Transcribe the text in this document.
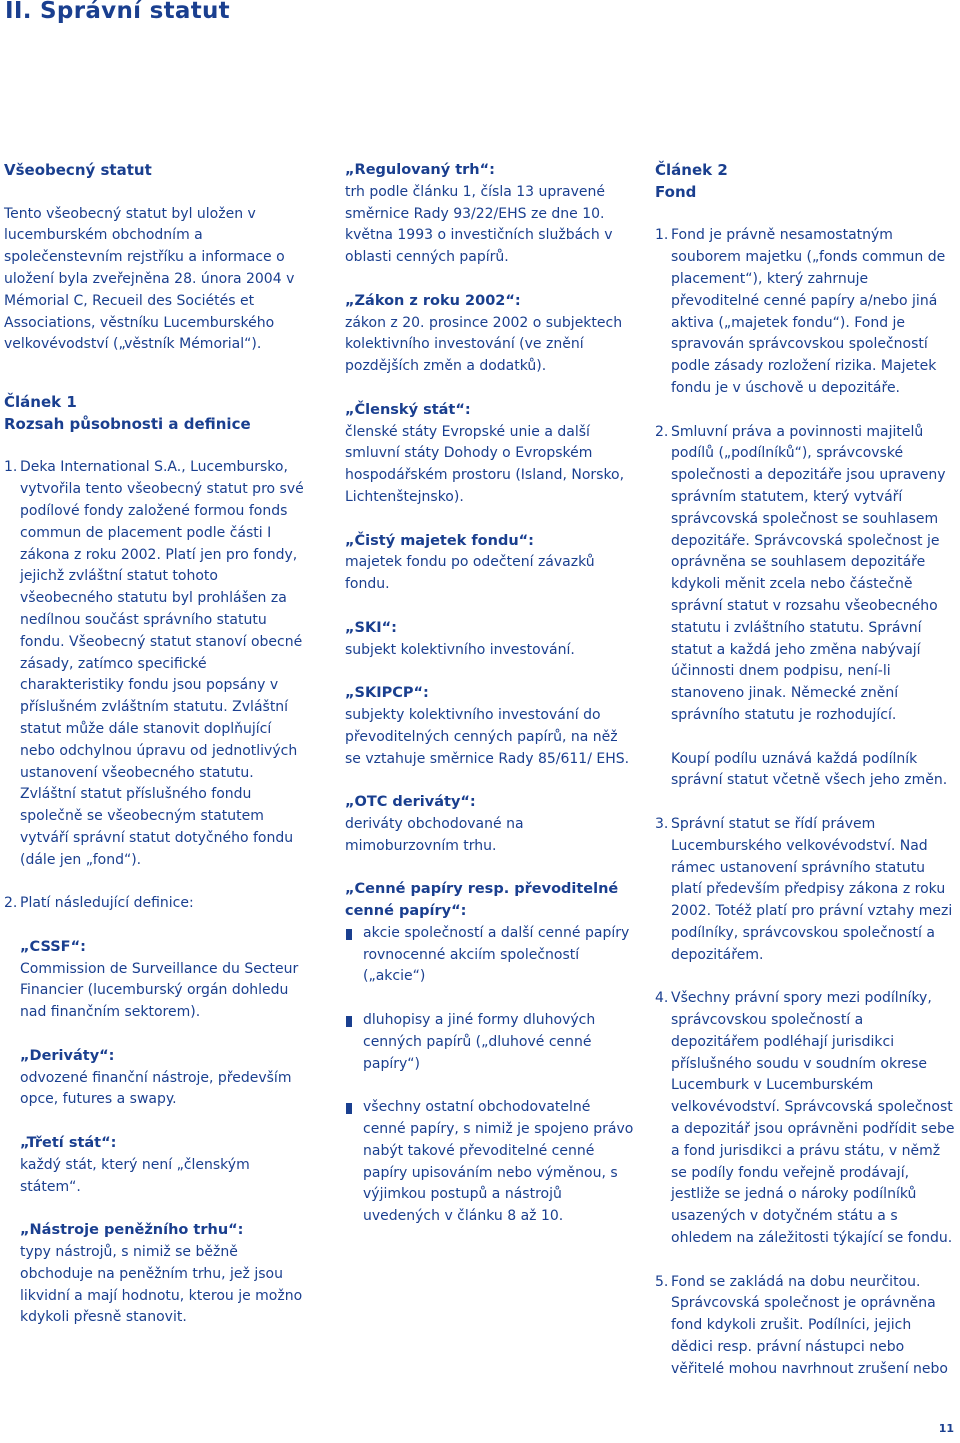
II. Správní statut

Všeobecný statut

Tento všeobecný statut byl uložen v lucemburském obchodním a společenstevním rejstříku a informace o uložení byla zveřejněna 28. února 2004 v Mémorial C, Recueil des Sociétés et Associations, věstníku Lucemburského velkovévodství („věstník Mémorial“).

Článek 1

Rozsah působnosti a definice

1. Deka International S.A., Lucembursko, vytvořila tento všeobecný statut pro své podílové fondy založené formou fonds commun de placement podle části I zákona z roku 2002. Platí jen pro fondy, jejichž zvláštní statut tohoto všeobecného statutu byl prohlášen za nedílnou součást správního statutu fondu. Všeobecný statut stanoví obecné zásady, zatímco specifické charakteristiky fondu jsou popsány v příslušném zvláštním statutu. Zvláštní statut může dále stanovit doplňující nebo odchylnou úpravu od jednotlivých ustanovení všeobecného statutu. Zvláštní statut příslušného fondu společně se všeobecným statutem vytváří správní statut dotyčného fondu (dále jen „fond“).
2. Platí následující definice:

„CSSF“:

Commission de Surveillance du Secteur Financier (lucemburský orgán dohledu nad finančním sektorem).

„Deriváty“:

odvozené finanční nástroje, především opce, futures a swapy.

„Třetí stát“:

každý stát, který není „členským státem“.

„Nástroje peněžního trhu“:

typy nástrojů, s nimiž se běžně obchoduje na peněžním trhu, jež jsou likvidní a mají hodnotu, kterou je možno kdykoli přesně stanovit.

„Regulovaný trh“:

trh podle článku 1, čísla 13 upravené směrnice Rady 93/22/EHS ze dne 10. května 1993 o investičních službách v oblasti cenných papírů.

„Zákon z roku 2002“:

zákon z 20. prosince 2002 o subjektech kolektivního investování (ve znění pozdějších změn a dodatků).

„Členský stát“:

členské státy Evropské unie a další smluvní státy Dohody o Evropském hospodářském prostoru (Island, Norsko, Lichtenštejnsko).

„Čistý majetek fondu“:

majetek fondu po odečtení závazků fondu.

„SKI“:

subjekt kolektivního investování.

„SKIPCP“:

subjekty kolektivního investování do převoditelných cenných papírů, na něž se vztahuje směrnice Rady 85/611/ EHS.

„OTC deriváty“:

deriváty obchodované na mimoburzovním trhu.

„Cenné papíry resp. převoditelné cenné papíry“:

akcie společností a další cenné papíry rovnocenné akciím společností („akcie“)
dluhopisy a jiné formy dluhových cenných papírů („dluhové cenné papíry“)
všechny ostatní obchodovatelné cenné papíry, s nimiž je spojeno právo nabýt takové převoditelné cenné papíry upisováním nebo výměnou, s výjimkou postupů a nástrojů uvedených v článku 8 až 10.

Článek 2

Fond

1. Fond je právně nesamostatným souborem majetku („fonds commun de placement“), který zahrnuje převoditelné cenné papíry a/nebo jiná aktiva („majetek fondu“). Fond je spravován správcovskou společností podle zásady rozložení rizika. Majetek fondu je v úschově u depozitáře.
2. Smluvní práva a povinnosti majitelů podílů („podílníků“), správcovské společnosti a depozitáře jsou upraveny správním statutem, který vytváří správcovská společnost se souhlasem depozitáře. Správcovská společnost je oprávněna se souhlasem depozitáře kdykoli měnit zcela nebo částečně správní statut v rozsahu všeobecného statutu i zvláštního statutu. Správní statut a každá jeho změna nabývají účinnosti dnem podpisu, není-li stanoveno jinak. Německé znění správního statutu je rozhodující.

Koupí podílu uznává každá podílník správní statut včetně všech jeho změn.

3. Správní statut se řídí právem Lucemburského velkovévodství. Nad rámec ustanovení správního statutu platí především předpisy zákona z roku 2002. Totéž platí pro právní vztahy mezi podílníky, správcovskou společností a depozitářem.
4. Všechny právní spory mezi podílníky, správcovskou společností a depozitářem podléhají jurisdikci příslušného soudu v soudním okrese Lucemburk v Lucemburském velkovévodství. Správcovská společnost a depozitář jsou oprávněni podřídit sebe a fond jurisdikci a právu státu, v němž se podíly fondu veřejně prodávají, jestliže se jedná o nároky podílníků usazených v dotyčném státu a s ohledem na záležitosti týkající se fondu.
5. Fond se zakládá na dobu neurčitou. Správcovská společnost je oprávněna fond kdykoli zrušit. Podílníci, jejich dědici resp. právní nástupci nebo věřitelé mohou navrhnout zrušení nebo
11
